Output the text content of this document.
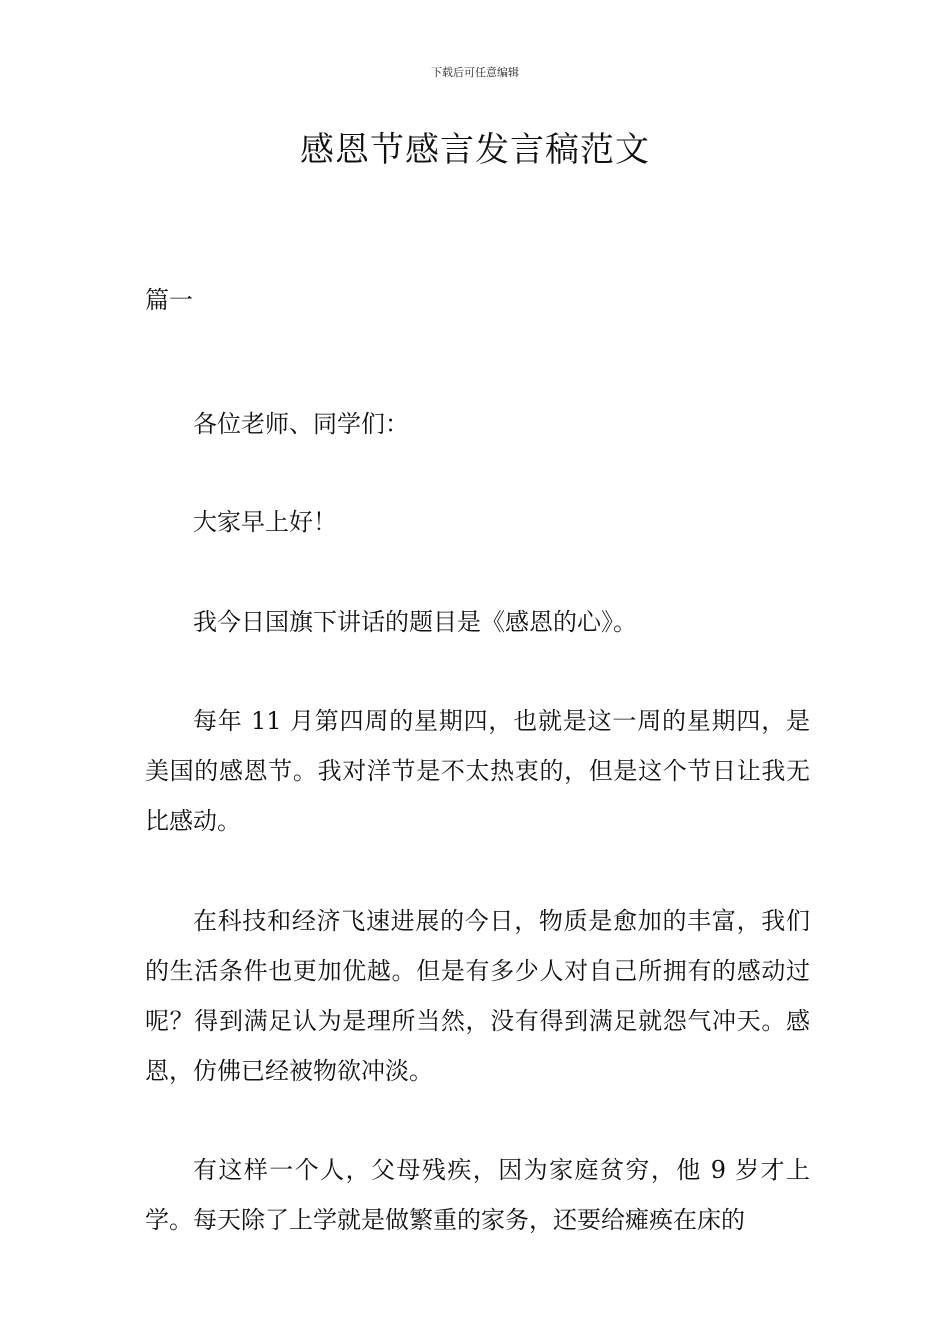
下载后可任意编辑
感恩节感言发言稿范文
篇一

各位老师、同学们：

大家早上好！

我今日国旗下讲话的题目是《感恩的心》。

每年 11 月第四周的星期四，也就是这一周的星期四，是美国的感恩节。我对洋节是不太热衷的，但是这个节日让我无比感动。

在科技和经济飞速进展的今日，物质是愈加的丰富，我们的生活条件也更加优越。但是有多少人对自己所拥有的感动过呢？得到满足认为是理所当然，没有得到满足就怨气冲天。感恩，仿佛已经被物欲冲淡。

有这样一个人，父母残疾，因为家庭贫穷，他 9 岁才上学。每天除了上学就是做繁重的家务，还要给瘫痪在床的
